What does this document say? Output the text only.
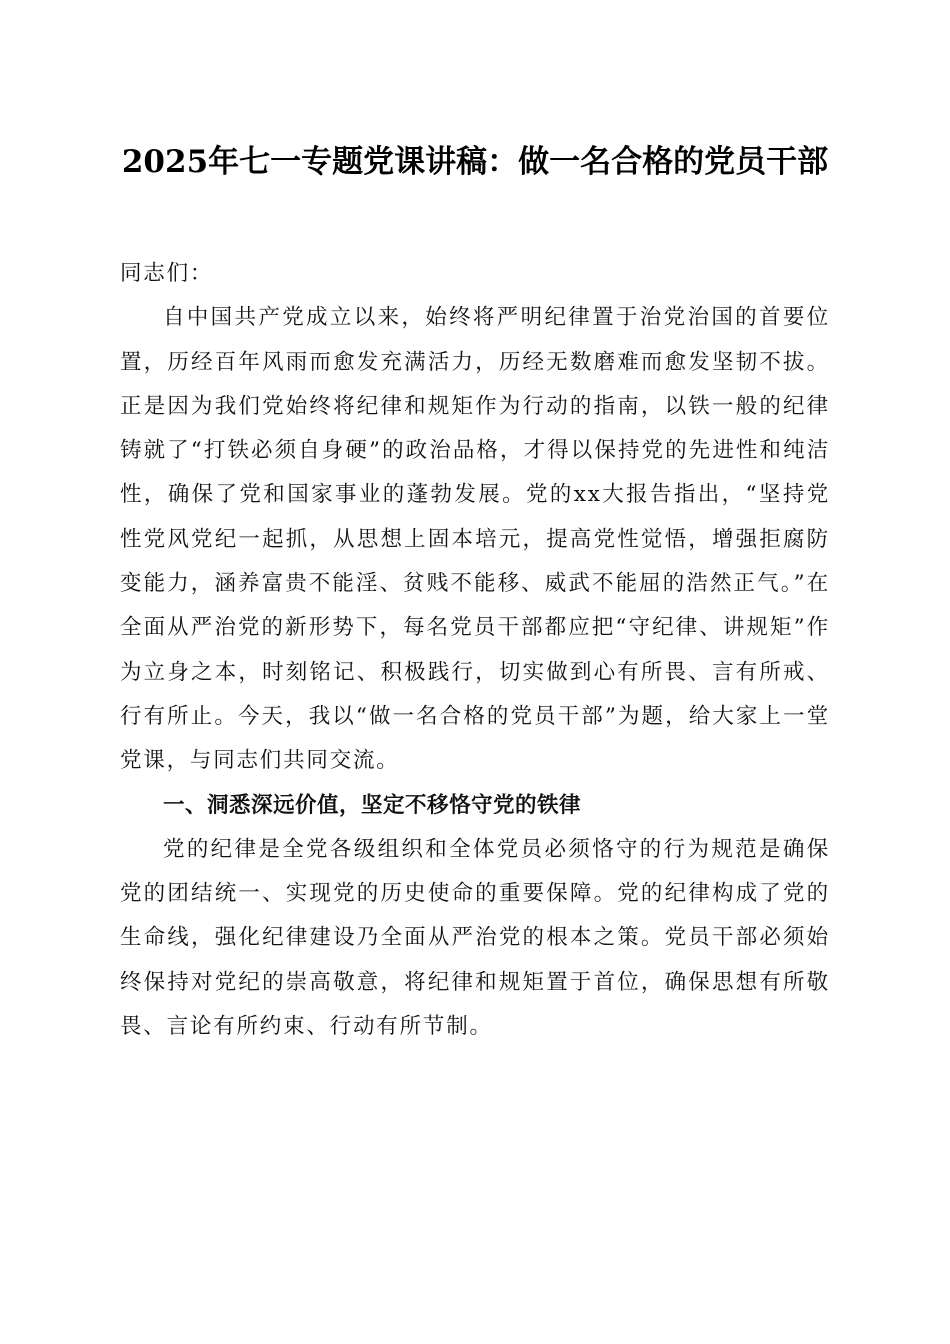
2025年七一专题党课讲稿：做一名合格的党员干部

同志们：

自中国共产党成立以来，始终将严明纪律置于治党治国的首要位置，历经百年风雨而愈发充满活力，历经无数磨难而愈发坚韧不拔。正是因为我们党始终将纪律和规矩作为行动的指南，以铁一般的纪律铸就了“打铁必须自身硬”的政治品格，才得以保持党的先进性和纯洁性，确保了党和国家事业的蓬勃发展。党的xx大报告指出，“坚持党性党风党纪一起抓，从思想上固本培元，提高党性觉悟，增强拒腐防变能力，涵养富贵不能淫、贫贱不能移、威武不能屈的浩然正气。”在全面从严治党的新形势下，每名党员干部都应把“守纪律、讲规矩”作为立身之本，时刻铭记、积极践行，切实做到心有所畏、言有所戒、行有所止。今天，我以“做一名合格的党员干部”为题，给大家上一堂党课，与同志们共同交流。

一、洞悉深远价值，坚定不移恪守党的铁律

党的纪律是全党各级组织和全体党员必须恪守的行为规范是确保党的团结统一、实现党的历史使命的重要保障。党的纪律构成了党的生命线，强化纪律建设乃全面从严治党的根本之策。党员干部必须始终保持对党纪的崇高敬意，将纪律和规矩置于首位，确保思想有所敬畏、言论有所约束、行动有所节制。
